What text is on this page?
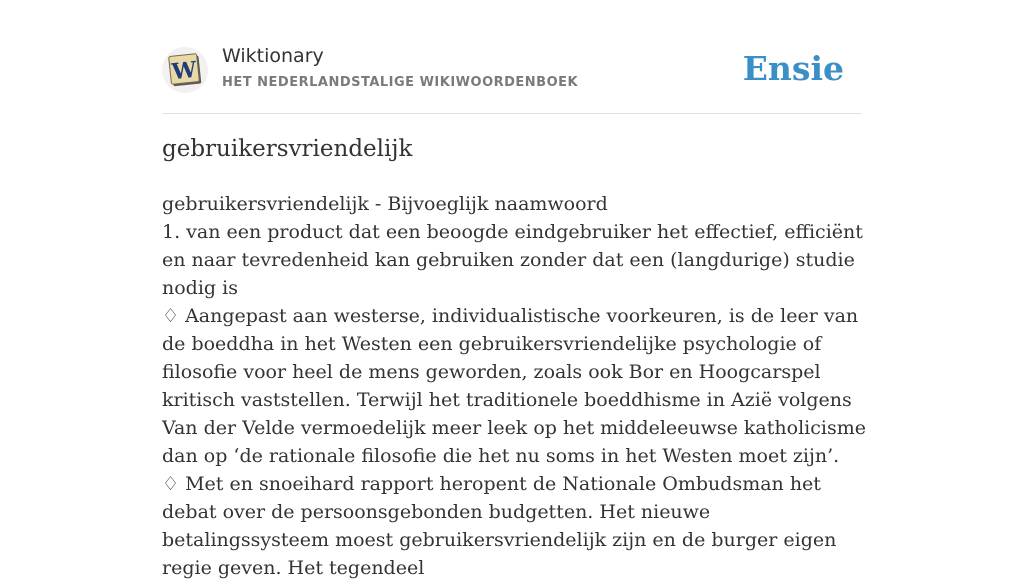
W
Wiktionary
HET NEDERLANDSTALIGE WIKIWOORDENBOEK	Ensie
gebruikersvriendelijk

gebruikersvriendelijk - Bijvoeglijk naamwoord

1. van een product dat een beoogde eindgebruiker het effectief, efficiënt en naar tevredenheid kan gebruiken zonder dat een (langdurige) studie nodig is

♢ Aangepast aan westerse, individualistische voorkeuren, is de leer van de boeddha in het Westen een gebruikersvriendelijke psychologie of filosofie voor heel de mens geworden, zoals ook Bor en Hoogcarspel kritisch vaststellen. Terwijl het traditionele boeddhisme in Azië volgens Van der Velde vermoedelijk meer leek op het middeleeuwse katholicisme dan op ‘de rationale filosofie die het nu soms in het Westen moet zijn’.

♢ Met en snoeihard rapport heropent de Nationale Ombudsman het debat over de persoonsgebonden budgetten. Het nieuwe betalingssysteem moest gebruikersvriendelijk zijn en de burger eigen regie geven. Het tegendeel
